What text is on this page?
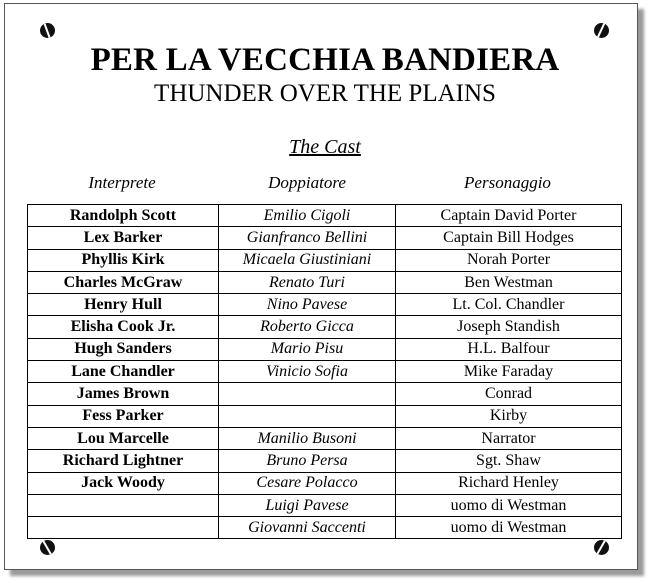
PER LA VECCHIA BANDIERA
THUNDER OVER THE PLAINS
The Cast
Interprete	Doppiatore	Personaggio
Randolph Scott	Emilio Cigoli	Captain David Porter
Lex Barker	Gianfranco Bellini	Captain Bill Hodges
Phyllis Kirk	Micaela Giustiniani	Norah Porter
Charles McGraw	Renato Turi	Ben Westman
Henry Hull	Nino Pavese	Lt. Col. Chandler
Elisha Cook Jr.	Roberto Gicca	Joseph Standish
Hugh Sanders	Mario Pisu	H.L. Balfour
Lane Chandler	Vinicio Sofia	Mike Faraday
James Brown		Conrad
Fess Parker		Kirby
Lou Marcelle	Manilio Busoni	Narrator
Richard Lightner	Bruno Persa	Sgt. Shaw
Jack Woody	Cesare Polacco	Richard Henley
	Luigi Pavese	uomo di Westman
	Giovanni Saccenti	uomo di Westman
